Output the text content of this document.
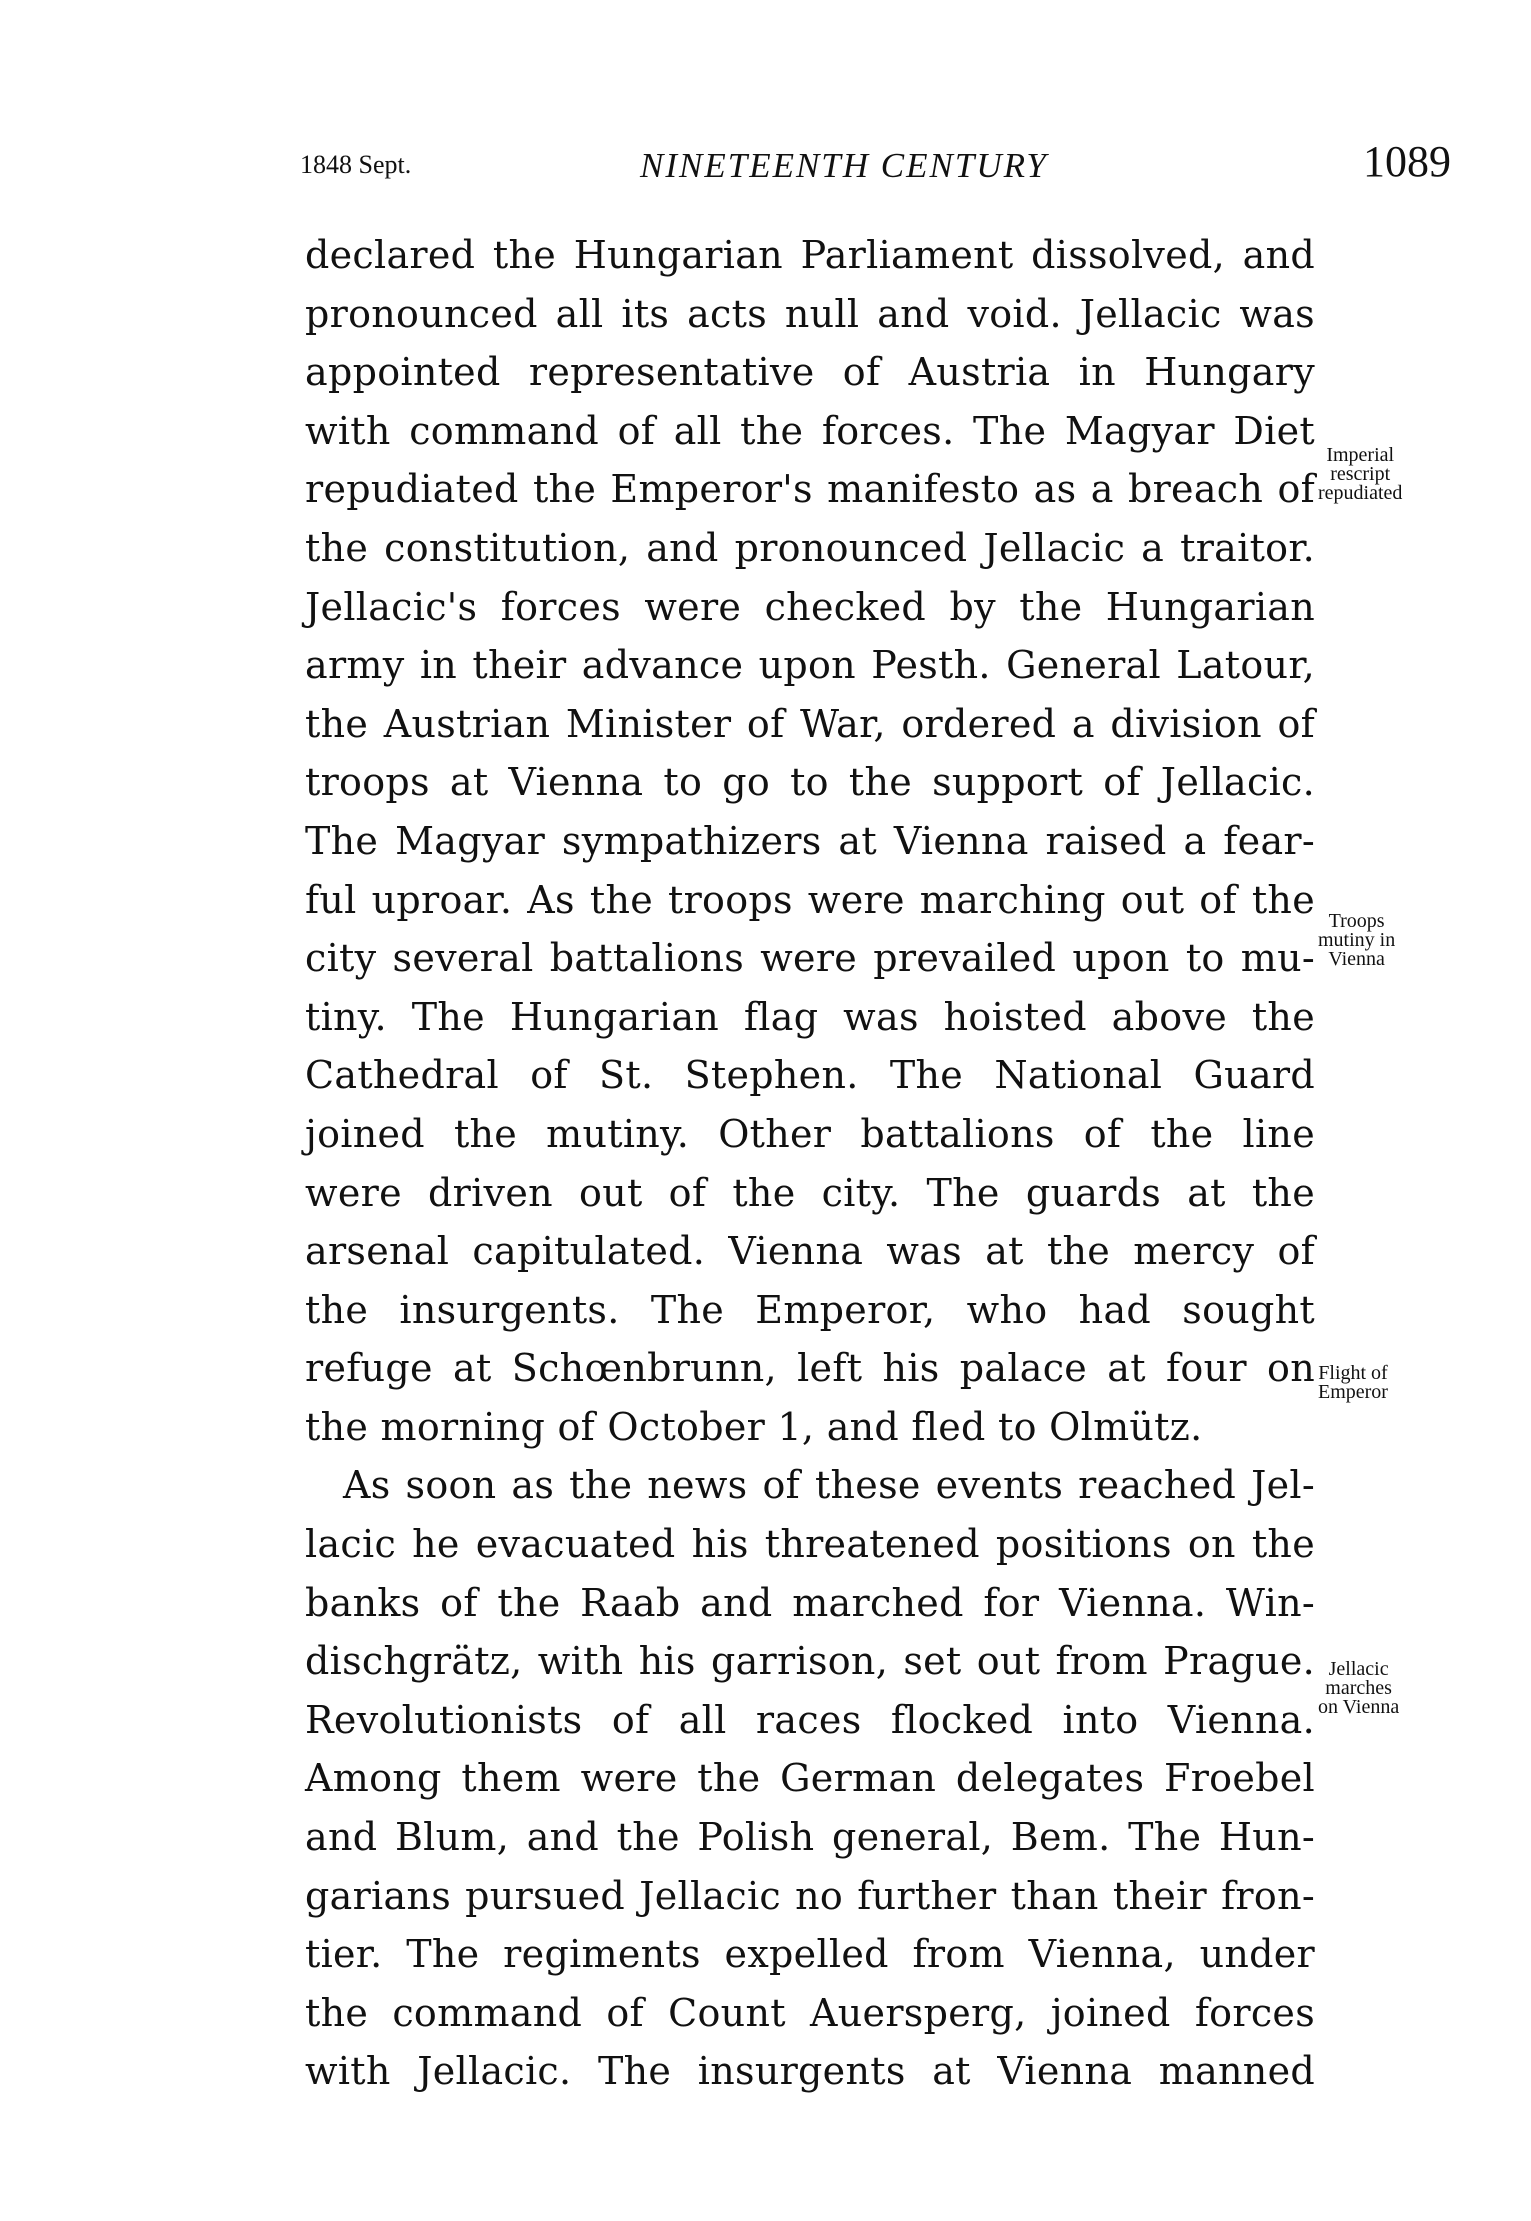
1848 Sept.	NINETEENTH CENTURY	1089
declared the Hungarian Parliament dissolved, and
pronounced all its acts null and void. Jellacic was
appointed representative of Austria in Hungary
with command of all the forces. The Magyar Diet
repudiated the Emperor's manifesto as a breach of
the constitution, and pronounced Jellacic a traitor.
Jellacic's forces were checked by the Hungarian
army in their advance upon Pesth. General Latour,
the Austrian Minister of War, ordered a division of
troops at Vienna to go to the support of Jellacic.
The Magyar sympathizers at Vienna raised a fear-
ful uproar. As the troops were marching out of the
city several battalions were prevailed upon to mu-
tiny. The Hungarian flag was hoisted above the
Cathedral of St. Stephen. The National Guard
joined the mutiny. Other battalions of the line
were driven out of the city. The guards at the
arsenal capitulated. Vienna was at the mercy of
the insurgents. The Emperor, who had sought
refuge at Schœnbrunn, left his palace at four on
the morning of October 1, and fled to Olmütz.
As soon as the news of these events reached Jel-
lacic he evacuated his threatened positions on the
banks of the Raab and marched for Vienna. Win-
dischgrätz, with his garrison, set out from Prague.
Revolutionists of all races flocked into Vienna.
Among them were the German delegates Froebel
and Blum, and the Polish general, Bem. The Hun-
garians pursued Jellacic no further than their fron-
tier. The regiments expelled from Vienna, under
the command of Count Auersperg, joined forces
with Jellacic. The insurgents at Vienna manned
Imperial
rescript
repudiated
Troops
mutiny in
Vienna
Flight of
Emperor
Jellacic
marches
on Vienna
